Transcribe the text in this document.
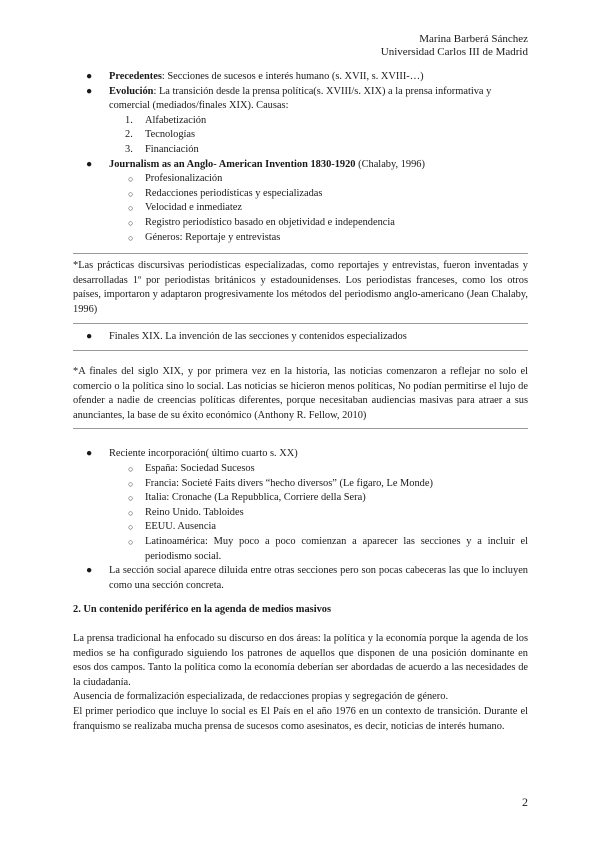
Marina Barberá Sánchez
Universidad Carlos III de Madrid
● Precedentes: Secciones de sucesos e interés humano (s. XVII, s. XVIII-…)
● Evolución: La transición desde la prensa política(s. XVIII/s. XIX) a la prensa informativa y comercial (mediados/finales XIX). Causas:
1. Alfabetización
2. Tecnologías
3. Financiación
● Journalism as an Anglo- American Invention 1830-1920 (Chalaby, 1996)
○ Profesionalización
○ Redacciones periodísticas y especializadas
○ Velocidad e inmediatez
○ Registro periodístico basado en objetividad e independencia
○ Géneros: Reportaje y entrevistas

*Las prácticas discursivas periodísticas especializadas, como reportajes y entrevistas, fueron inventadas y desarrolladas 1º por periodistas británicos y estadounidenses. Los periodistas franceses, como los otros países, importaron y adaptaron progresivamente los métodos del periodismo anglo-americano (Jean Chalaby, 1996)

● Finales XIX. La invención de las secciones y contenidos especializados

*A finales del siglo XIX, y por primera vez en la historia, las noticias comenzaron a reflejar no solo el comercio o la política sino lo social. Las noticias se hicieron menos políticas, No podían permitirse el lujo de ofender a nadie de creencias políticas diferentes, porque necesitaban audiencias masivas para atraer a sus anunciantes, la base de su éxito económico (Anthony R. Fellow, 2010)

● Reciente incorporación( último cuarto s. XX)
○ España: Sociedad Sucesos
○ Francia: Societé Faits divers “hecho diversos” (Le figaro, Le Monde)
○ Italia: Cronache (La Repubblica, Corriere della Sera)
○ Reino Unido. Tabloides
○ EEUU. Ausencia
○ Latinoamérica: Muy poco a poco comienzan a aparecer las secciones y a incluir el periodismo social.
● La sección social aparece diluida entre otras secciones pero son pocas cabeceras las que lo incluyen como una sección concreta.
2. Un contenido periférico en la agenda de medios masivos

La prensa tradicional ha enfocado su discurso en dos áreas: la política y la economía porque la agenda de los medios se ha configurado siguiendo los patrones de aquellos que disponen de una posición dominante en esos dos campos. Tanto la política como la economía deberían ser abordadas de acuerdo a las necesidades de la ciudadanía.

Ausencia de formalización especializada, de redacciones propias y segregación de género.

El primer periodico que incluye lo social es El País en el año 1976 en un contexto de transición. Durante el franquismo se realizaba mucha prensa de sucesos como asesinatos, es decir, noticias de interés humano.

2
